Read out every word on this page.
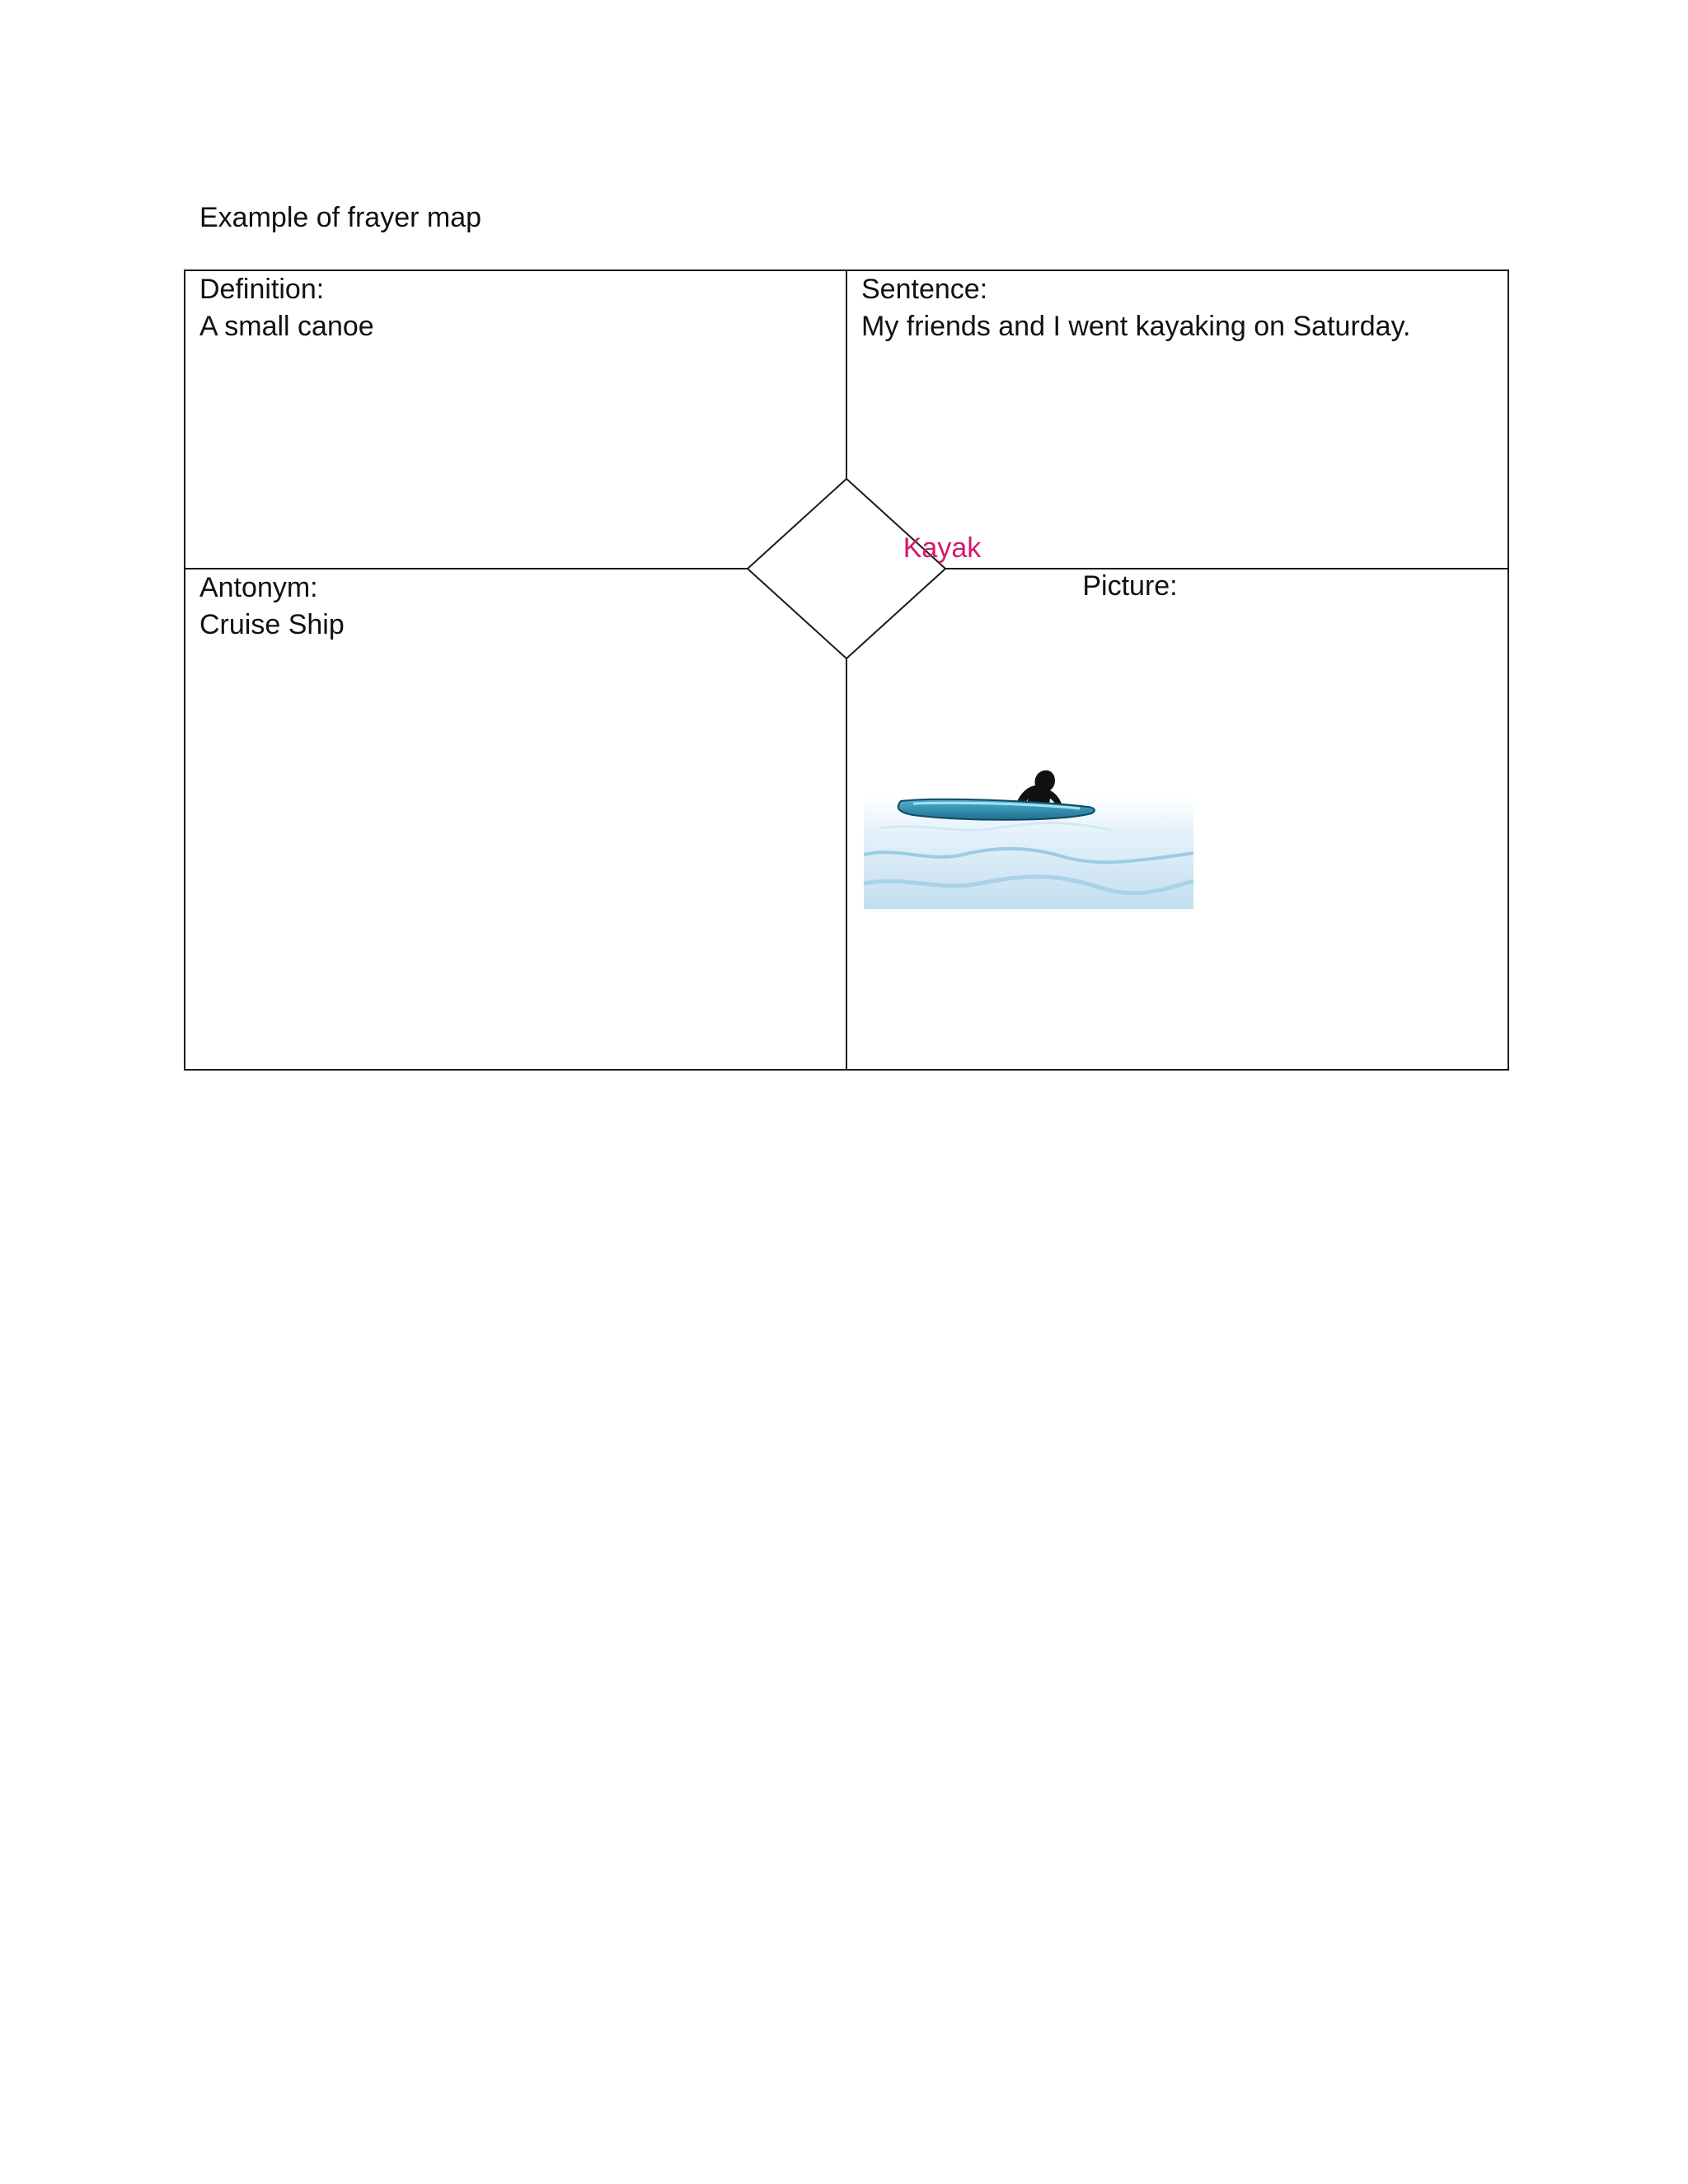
Example of frayer map
Kayak
Definition:
A small canoe
Sentence:
My friends and I went kayaking on Saturday.
Antonym:
Cruise Ship
Picture:
